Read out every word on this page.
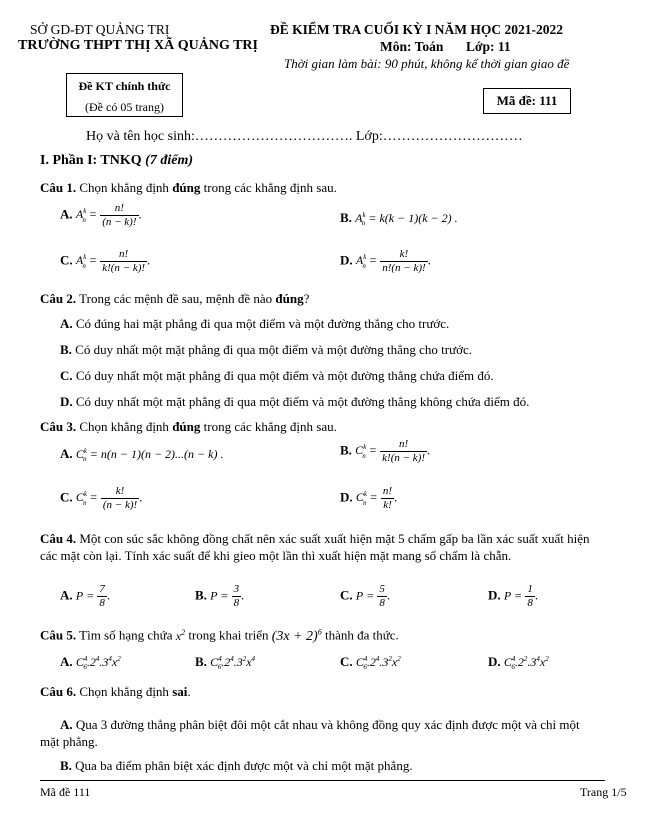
SỞ GD-ĐT QUẢNG TRỊ
TRƯỜNG THPT THỊ XÃ QUẢNG TRỊ
ĐỀ KIỂM TRA CUỐI KỲ I NĂM HỌC 2021-2022
Môn: Toán Lớp: 11
Thời gian làm bài: 90 phút, không kể thời gian giao đề
Đề KT chính thức
(Đề có 05 trang)	Mã đề: 111
Họ và tên học sinh:……………………………. Lớp:…………………………
I. Phần I: TNKQ (7 điểm)
Câu 1. Chọn khẳng định đúng trong các khẳng định sau.
A. $A^k_n = \frac{n!}{(n - k)!}$ .	B. $A^k_n = k(k - 1)(k - 2)$ .
C. $A^k_n = \frac{n!}{k!(n - k)!}$ .	D. $A^k_n = \frac{k!}{n!(n - k)!}$ .
Câu 2. Trong các mệnh đề sau, mệnh đề nào đúng?
A. Có đúng hai mặt phẳng đi qua một điểm và một đường thẳng cho trước.
B. Có duy nhất một mặt phẳng đi qua một điểm và một đường thẳng cho trước.
C. Có duy nhất một mặt phẳng đi qua một điểm và một đường thẳng chứa điểm đó.
D. Có duy nhất một mặt phẳng đi qua một điểm và một đường thẳng không chứa điểm đó.
Câu 3. Chọn khẳng định đúng trong các khẳng định sau.
A. $C^k_n = n(n - 1)(n - 2)...(n - k)$ .	B. $C^k_n = \frac{n!}{k!(n - k)!}$ .
C. $C^k_n = \frac{k!}{(n - k)!}$ .	D. $C^k_n = \frac{n!}{k!}$ .
Câu 4. Một con súc sắc không đồng chất nên xác suất xuất hiện mặt 5 chấm gấp ba lần xác suất xuất hiện các mặt còn lại. Tính xác suất để khi gieo một lần thì xuất hiện mặt mang số chấm là chẵn.
A. $P = \frac{7}{8}$ .	B. $P = \frac{3}{8}$ .	C. $P = \frac{5}{8}$ .	D. $P = \frac{1}{8}$ .
Câu 5. Tìm số hạng chứa $x^2$ trong khai triển $(3x + 2)^6$ thành đa thức.
A. $C^4_6.2^4.3^4x^2$	B. $C^4_6.2^4.3^2x^4$	C. $C^4_6.2^4.3^2x^2$	D. $C^4_6.2^2.3^4x^2$
Câu 6. Chọn khẳng định sai.
A. Qua 3 đường thẳng phân biệt đôi một cắt nhau và không đồng quy xác định được một và chỉ một mặt phẳng.
B. Qua ba điểm phân biệt xác định được một và chỉ một mặt phẳng.
Mã đề 111	Trang 1/5
